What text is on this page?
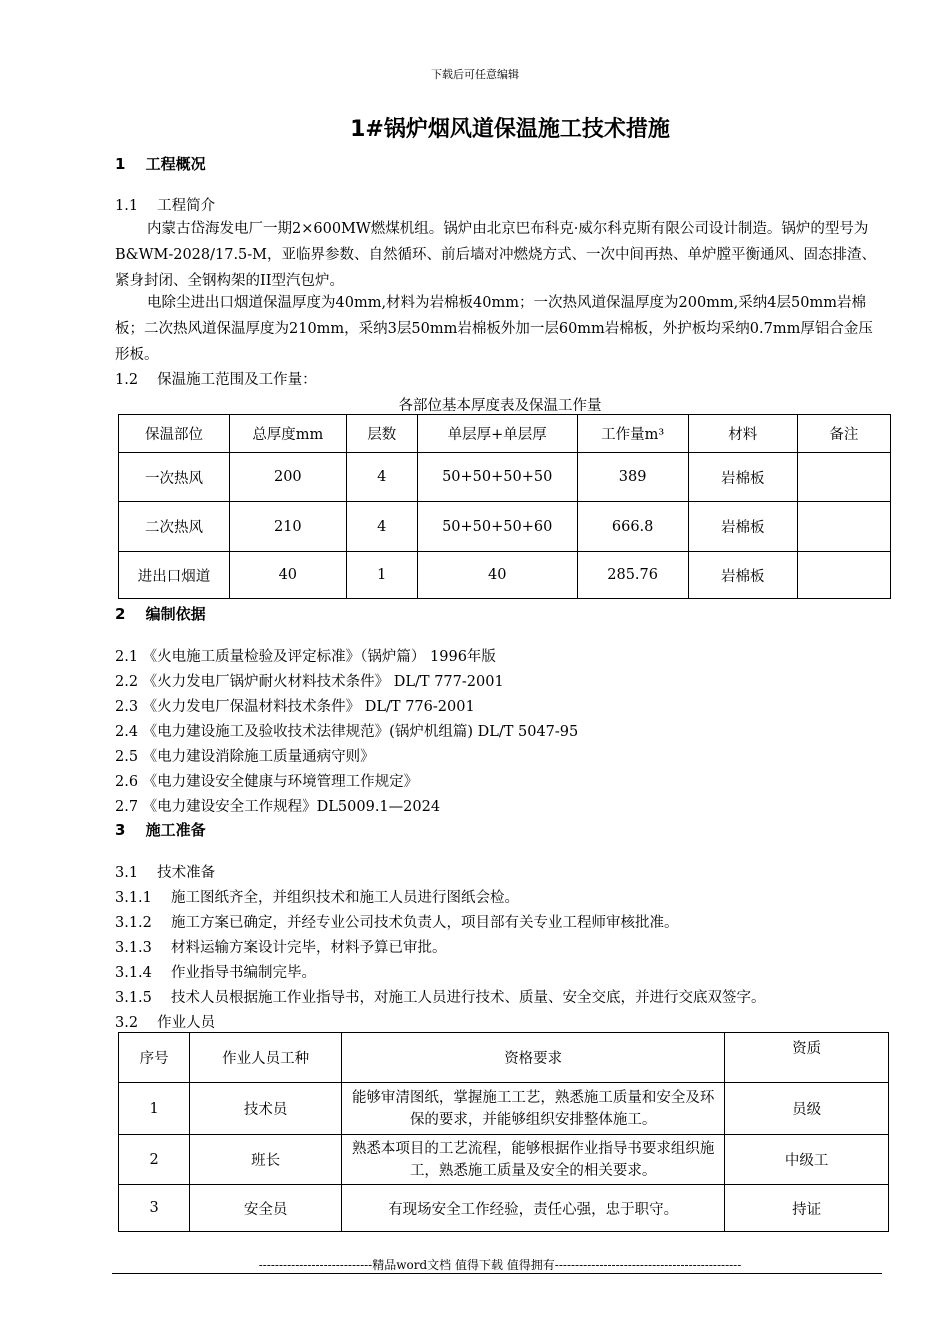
下载后可任意编辑
1#锅炉烟风道保温施工技术措施
1　 工程概况
1.1　 工程简介
内蒙古岱海发电厂一期2×600MW燃煤机组。锅炉由北京巴布科克·威尔科克斯有限公司设计制造。锅炉的型号为B&WM-2028/17.5-M，亚临界参数、自然循环、前后墙对冲燃烧方式、一次中间再热、单炉膛平衡通风、固态排渣、紧身封闭、全钢构架的II型汽包炉。
电除尘进出口烟道保温厚度为40mm,材料为岩棉板40mm；一次热风道保温厚度为200mm,采纳4层50mm岩棉板；二次热风道保温厚度为210mm，采纳3层50mm岩棉板外加一层60mm岩棉板，外护板均采纳0.7mm厚铝合金压形板。
1.2　 保温施工范围及工作量：
各部位基本厚度表及保温工作量
保温部位	总厚度mm	层数	单层厚+单层厚	工作量m³	材料	备注
一次热风	200	4	50+50+50+50	389	岩棉板	
二次热风	210	4	50+50+50+60	666.8	岩棉板	
进出口烟道	40	1	40	285.76	岩棉板	
2　 编制依据
2.1 《火电施工质量检验及评定标准》（锅炉篇） 1996年版
2.2 《火力发电厂锅炉耐火材料技术条件》 DL/T 777-2001
2.3 《火力发电厂保温材料技术条件》 DL/T 776-2001
2.4 《电力建设施工及验收技术法律规范》(锅炉机组篇) DL/T 5047-95
2.5 《电力建设消除施工质量通病守则》
2.6 《电力建设安全健康与环境管理工作规定》
2.7 《电力建设安全工作规程》DL5009.1—2024
3　 施工准备
3.1　 技术准备
3.1.1　 施工图纸齐全，并组织技术和施工人员进行图纸会检。
3.1.2　 施工方案已确定，并经专业公司技术负责人，项目部有关专业工程师审核批准。
3.1.3　 材料运输方案设计完毕，材料予算已审批。
3.1.4　 作业指导书编制完毕。
3.1.5　 技术人员根据施工作业指导书，对施工人员进行技术、质量、安全交底，并进行交底双签字。
3.2　 作业人员
序号	作业人员工种	资格要求	资质
1	技术员	能够审清图纸，掌握施工工艺，熟悉施工质量和安全及环保的要求，并能够组织安排整体施工。	员级
2	班长	熟悉本项目的工艺流程，能够根据作业指导书要求组织施工，熟悉施工质量及安全的相关要求。	中级工
3	安全员	有现场安全工作经验，责任心强，忠于职守。	持证
----------------------------精品word文档 值得下载 值得拥有----------------------------------------------
